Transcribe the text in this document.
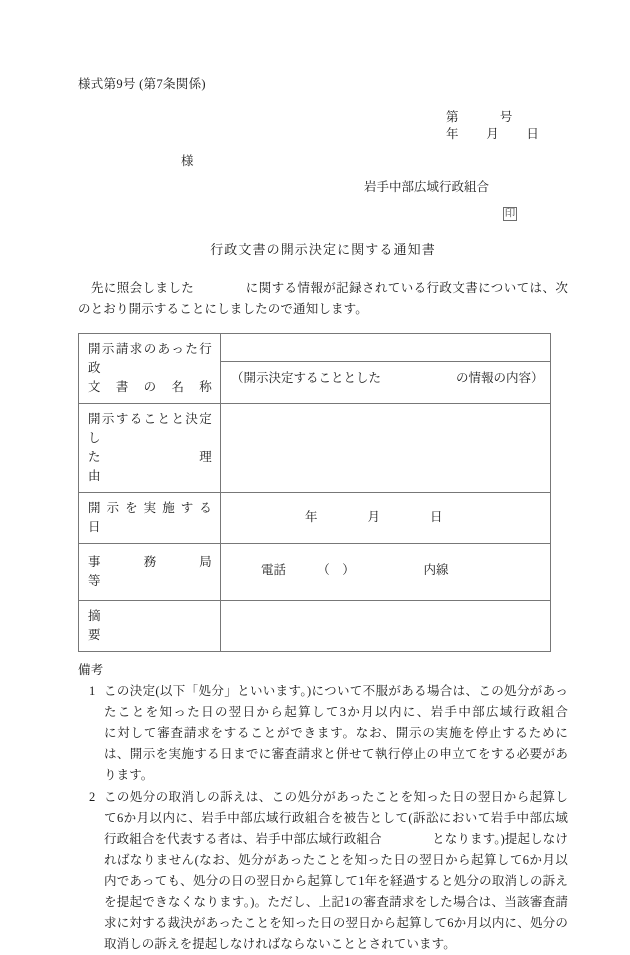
様式第9号 (第7条関係)
第            号
年        月        日
様
岩手中部広域行政組合
印
行政文書の開示決定に関する通知書
　先に照会しました　　　　に関する情報が記録されている行政文書については、次のとおり開示することにしましたので通知します。
開示請求のあった行政
文　書　の　名　称	（開示決定することとした　　　　　　の情報の内容）

開示することと決定し
た　　　　理　　　　由	

開 示 を 実 施 す る 日	年　　　　月　　　　日

事　　務　　局　　等	電話　　　（　）　　　　　　内線

摘　　　　　　　　要	

備考
1 この決定(以下「処分」といいます。)について不服がある場合は、この処分があったことを知った日の翌日から起算して3か月以内に、岩手中部広域行政組合　　　　に対して審査請求をすることができます。なお、開示の実施を停止するためには、開示を実施する日までに審査請求と併せて執行停止の申立てをする必要があります。
2 この処分の取消しの訴えは、この処分があったことを知った日の翌日から起算して6か月以内に、岩手中部広域行政組合を被告として(訴訟において岩手中部広域行政組合を代表する者は、岩手中部広域行政組合　　　　となります。)提起しなければなりません(なお、処分があったことを知った日の翌日から起算して6か月以内であっても、処分の日の翌日から起算して1年を経過すると処分の取消しの訴えを提起できなくなります。)。ただし、上記1の審査請求をした場合は、当該審査請求に対する裁決があったことを知った日の翌日から起算して6か月以内に、処分の取消しの訴えを提起しなければならないこととされています。
